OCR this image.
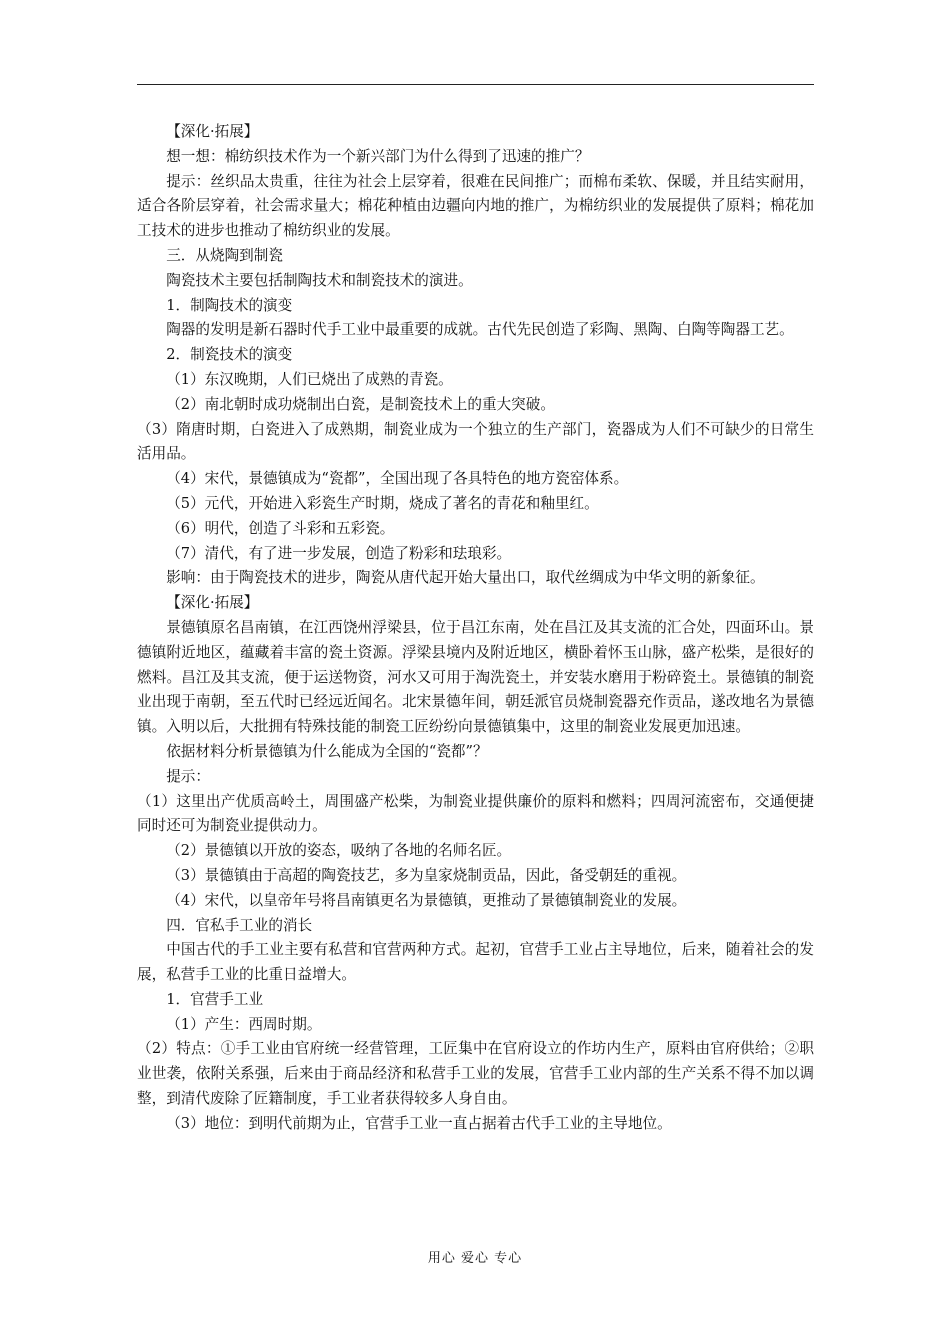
【深化·拓展】

想一想：棉纺织技术作为一个新兴部门为什么得到了迅速的推广？

提示：丝织品太贵重，往往为社会上层穿着，很难在民间推广；而棉布柔软、保暖，并且结实耐用，适合各阶层穿着，社会需求量大；棉花种植由边疆向内地的推广，为棉纺织业的发展提供了原料；棉花加工技术的进步也推动了棉纺织业的发展。

三．从烧陶到制瓷

陶瓷技术主要包括制陶技术和制瓷技术的演进。

1．制陶技术的演变

陶器的发明是新石器时代手工业中最重要的成就。古代先民创造了彩陶、黑陶、白陶等陶器工艺。

2．制瓷技术的演变

（1）东汉晚期，人们已烧出了成熟的青瓷。

（2）南北朝时成功烧制出白瓷，是制瓷技术上的重大突破。

（3）隋唐时期，白瓷进入了成熟期，制瓷业成为一个独立的生产部门，瓷器成为人们不可缺少的日常生活用品。

（4）宋代，景德镇成为“瓷都”，全国出现了各具特色的地方瓷窑体系。

（5）元代，开始进入彩瓷生产时期，烧成了著名的青花和釉里红。

（6）明代，创造了斗彩和五彩瓷。

（7）清代，有了进一步发展，创造了粉彩和珐琅彩。

影响：由于陶瓷技术的进步，陶瓷从唐代起开始大量出口，取代丝绸成为中华文明的新象征。

【深化·拓展】

景德镇原名昌南镇，在江西饶州浮梁县，位于昌江东南，处在昌江及其支流的汇合处，四面环山。景德镇附近地区，蕴藏着丰富的瓷土资源。浮梁县境内及附近地区，横卧着怀玉山脉，盛产松柴，是很好的燃料。昌江及其支流，便于运送物资，河水又可用于淘洗瓷土，并安装水磨用于粉碎瓷土。景德镇的制瓷业出现于南朝，至五代时已经远近闻名。北宋景德年间，朝廷派官员烧制瓷器充作贡品，遂改地名为景德镇。入明以后，大批拥有特殊技能的制瓷工匠纷纷向景德镇集中，这里的制瓷业发展更加迅速。

依据材料分析景德镇为什么能成为全国的“瓷都”？

提示：

（1）这里出产优质高岭土，周围盛产松柴，为制瓷业提供廉价的原料和燃料；四周河流密布，交通便捷同时还可为制瓷业提供动力。

（2）景德镇以开放的姿态，吸纳了各地的名师名匠。

（3）景德镇由于高超的陶瓷技艺，多为皇家烧制贡品，因此，备受朝廷的重视。

（4）宋代，以皇帝年号将昌南镇更名为景德镇，更推动了景德镇制瓷业的发展。

四．官私手工业的消长

中国古代的手工业主要有私营和官营两种方式。起初，官营手工业占主导地位，后来，随着社会的发展，私营手工业的比重日益增大。

1．官营手工业

（1）产生：西周时期。

（2）特点：①手工业由官府统一经营管理，工匠集中在官府设立的作坊内生产，原料由官府供给；②职业世袭，依附关系强，后来由于商品经济和私营手工业的发展，官营手工业内部的生产关系不得不加以调整，到清代废除了匠籍制度，手工业者获得较多人身自由。

（3）地位：到明代前期为止，官营手工业一直占据着古代手工业的主导地位。

用心 爱心 专心
